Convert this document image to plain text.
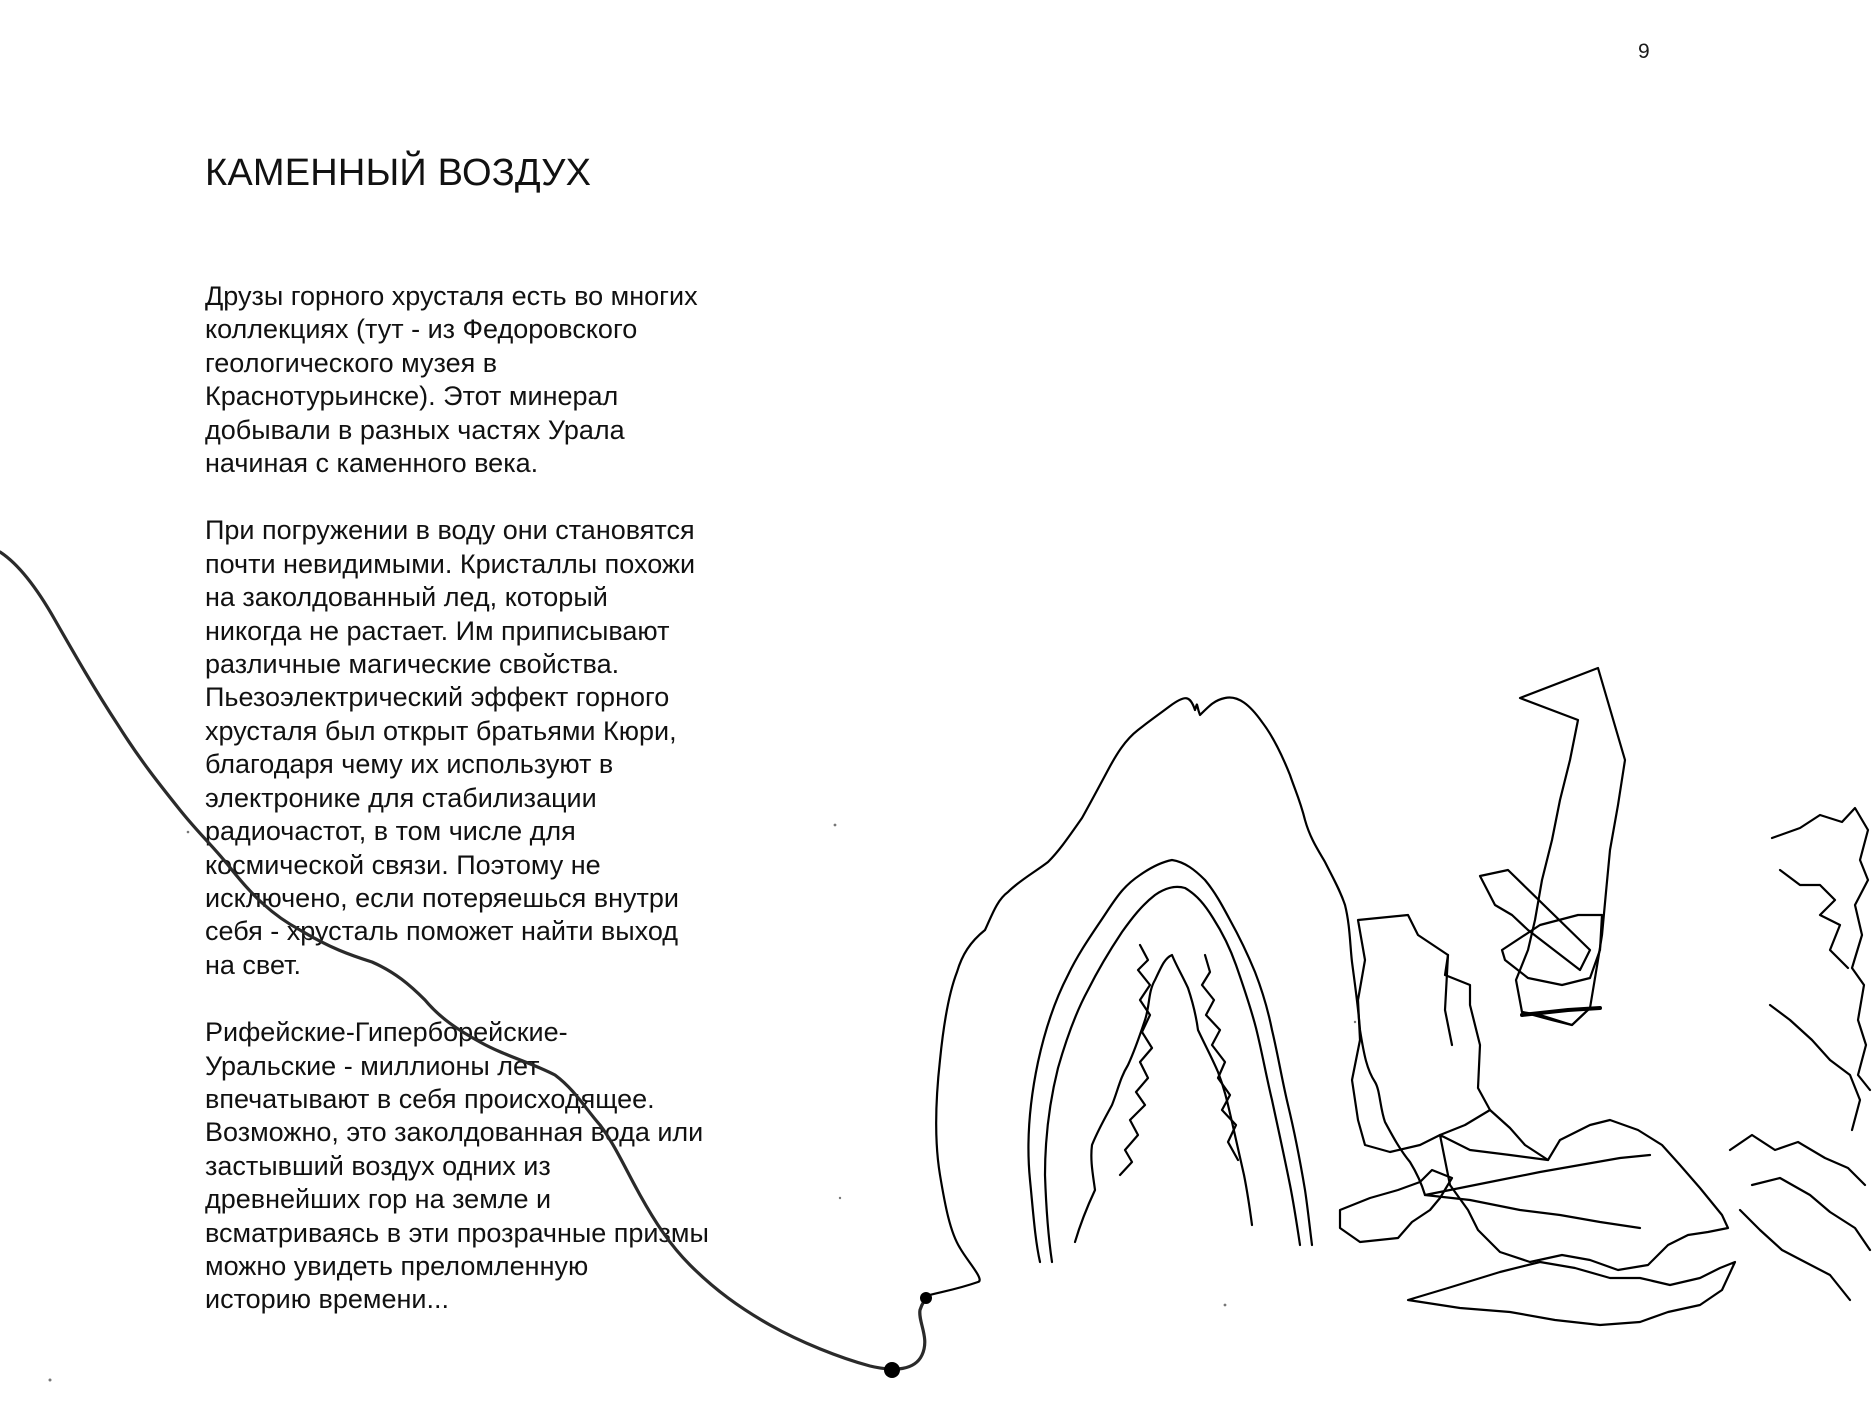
9
КАМЕННЫЙ ВОЗДУХ

Друзы горного хрусталя есть во многих
коллекциях (тут - из Федоровского
геологического музея в
Краснотурьинске). Этот минерал
добывали в разных частях Урала
начиная с каменного века.

При погружении в воду они становятся
почти невидимыми. Кристаллы похожи
на заколдованный лед, который
никогда не растает. Им приписывают
различные магические свойства.
Пьезоэлектрический эффект горного
хрусталя был открыт братьями Кюри,
благодаря чему их используют в
электронике для стабилизации
радиочастот, в том числе для
космической связи. Поэтому не
исключено, если потеряешься внутри
себя - хрусталь поможет найти выход
на свет.

Рифейские-Гиперборейские-
Уральские - миллионы лет
впечатывают в себя происходящее.
Возможно, это заколдованная вода или
застывший воздух одних из
древнейших гор на земле и
всматриваясь в эти прозрачные призмы
можно увидеть преломленную
историю времени...
